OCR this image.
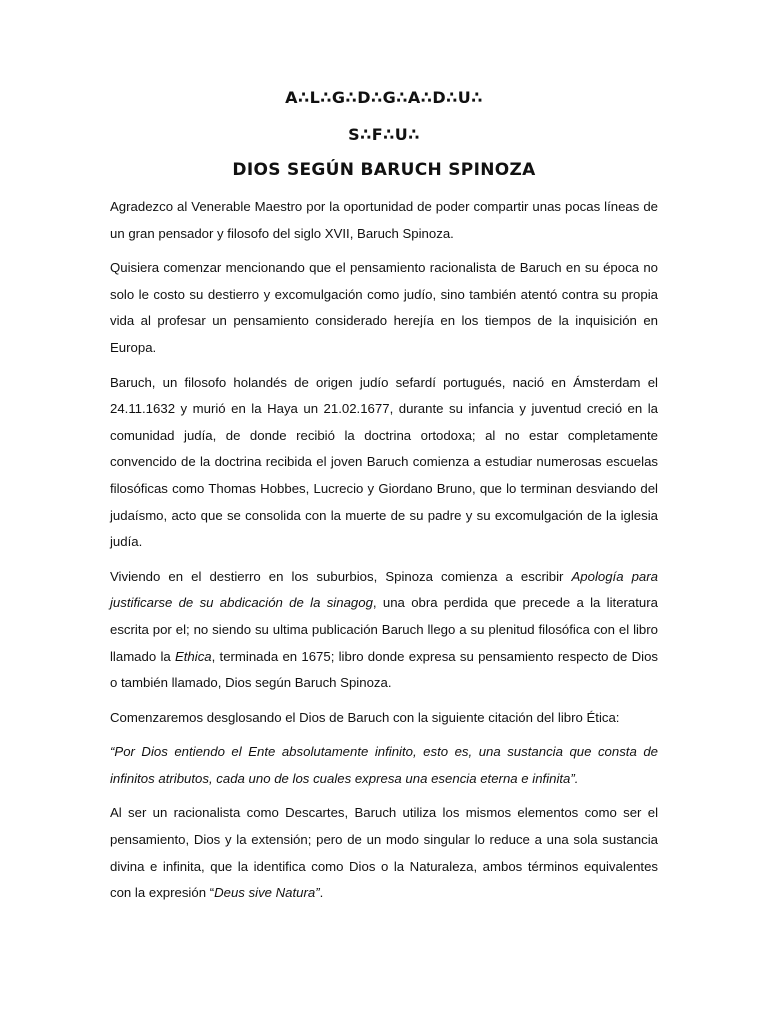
A∴L∴G∴D∴G∴A∴D∴U∴
S∴F∴U∴
DIOS SEGÚN BARUCH SPINOZA

Agradezco al Venerable Maestro por la oportunidad de poder compartir unas pocas líneas de un gran pensador y filosofo del siglo XVII, Baruch Spinoza.

Quisiera comenzar mencionando que el pensamiento racionalista de Baruch en su época no solo le costo su destierro y excomulgación como judío, sino también atentó contra su propia vida al profesar un pensamiento considerado herejía en los tiempos de la inquisición en Europa.

Baruch, un filosofo holandés de origen judío sefardí portugués, nació en Ámsterdam el 24.11.1632 y murió en la Haya un 21.02.1677, durante su infancia y juventud creció en la comunidad judía, de donde recibió la doctrina ortodoxa; al no estar completamente convencido de la doctrina recibida el joven Baruch comienza a estudiar numerosas escuelas filosóficas como Thomas Hobbes, Lucrecio y Giordano Bruno, que lo terminan desviando del judaísmo, acto que se consolida con la muerte de su padre y su excomulgación de la iglesia judía.

Viviendo en el destierro en los suburbios, Spinoza comienza a escribir Apología para justificarse de su abdicación de la sinagog, una obra perdida que precede a la literatura escrita por el; no siendo su ultima publicación Baruch llego a su plenitud filosófica con el libro llamado la Ethica, terminada en 1675; libro donde expresa su pensamiento respecto de Dios o también llamado, Dios según Baruch Spinoza.

Comenzaremos desglosando el Dios de Baruch con la siguiente citación del libro Ética:

“Por Dios entiendo el Ente absolutamente infinito, esto es, una sustancia que consta de infinitos atributos, cada uno de los cuales expresa una esencia eterna e infinita”.

Al ser un racionalista como Descartes, Baruch utiliza los mismos elementos como ser el pensamiento, Dios y la extensión; pero de un modo singular lo reduce a una sola sustancia divina e infinita, que la identifica como Dios o la Naturaleza, ambos términos equivalentes con la expresión “Deus sive Natura”.
